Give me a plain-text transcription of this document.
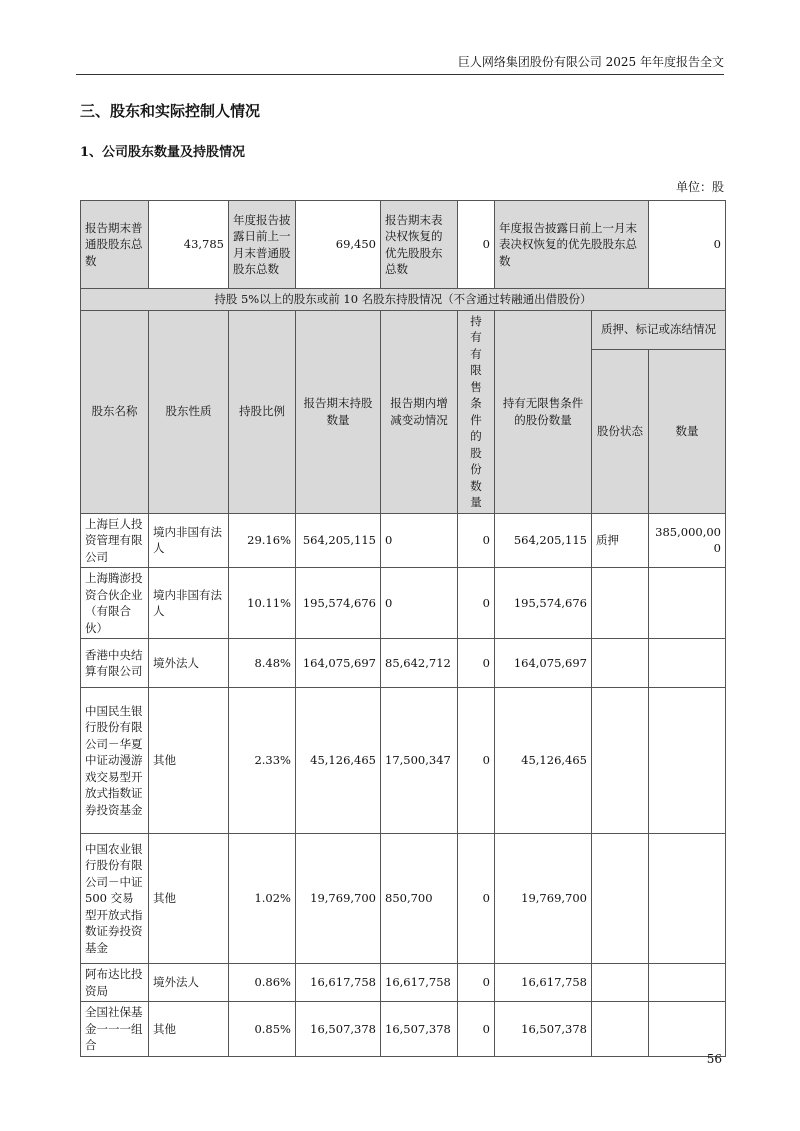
巨人网络集团股份有限公司 2025 年年度报告全文
三、股东和实际控制人情况
1、公司股东数量及持股情况
单位：股
报告期末普通股股东总数	43,785	年度报告披露日前上一月末普通股股东总数	69,450	报告期末表决权恢复的优先股股东总数	0	年度报告披露日前上一月末表决权恢复的优先股股东总数		0
持股 5%以上的股东或前 10 名股东持股情况（不含通过转融通出借股份）								
股东名称	股东性质	持股比例	报告期末持股数量	报告期内增减变动情况	持有有限售条件的股份数量	持有无限售条件的股份数量	质押、标记或冻结情况	
							股份状态	数量
上海巨人投资管理有限公司	境内非国有法人	29.16%	564,205,115	0	0	564,205,115	质押	385,000,000
上海腾澎投资合伙企业（有限合伙）	境内非国有法人	10.11%	195,574,676	0	0	195,574,676		
香港中央结算有限公司	境外法人	8.48%	164,075,697	85,642,712	0	164,075,697		
中国民生银行股份有限公司－华夏中证动漫游戏交易型开放式指数证券投资基金	其他	2.33%	45,126,465	17,500,347	0	45,126,465		
中国农业银行股份有限公司－中证 500 交易型开放式指数证券投资基金	其他	1.02%	19,769,700	850,700	0	19,769,700		
阿布达比投资局	境外法人	0.86%	16,617,758	16,617,758	0	16,617,758		
全国社保基金一一一组合	其他	0.85%	16,507,378	16,507,378	0	16,507,378		
56
